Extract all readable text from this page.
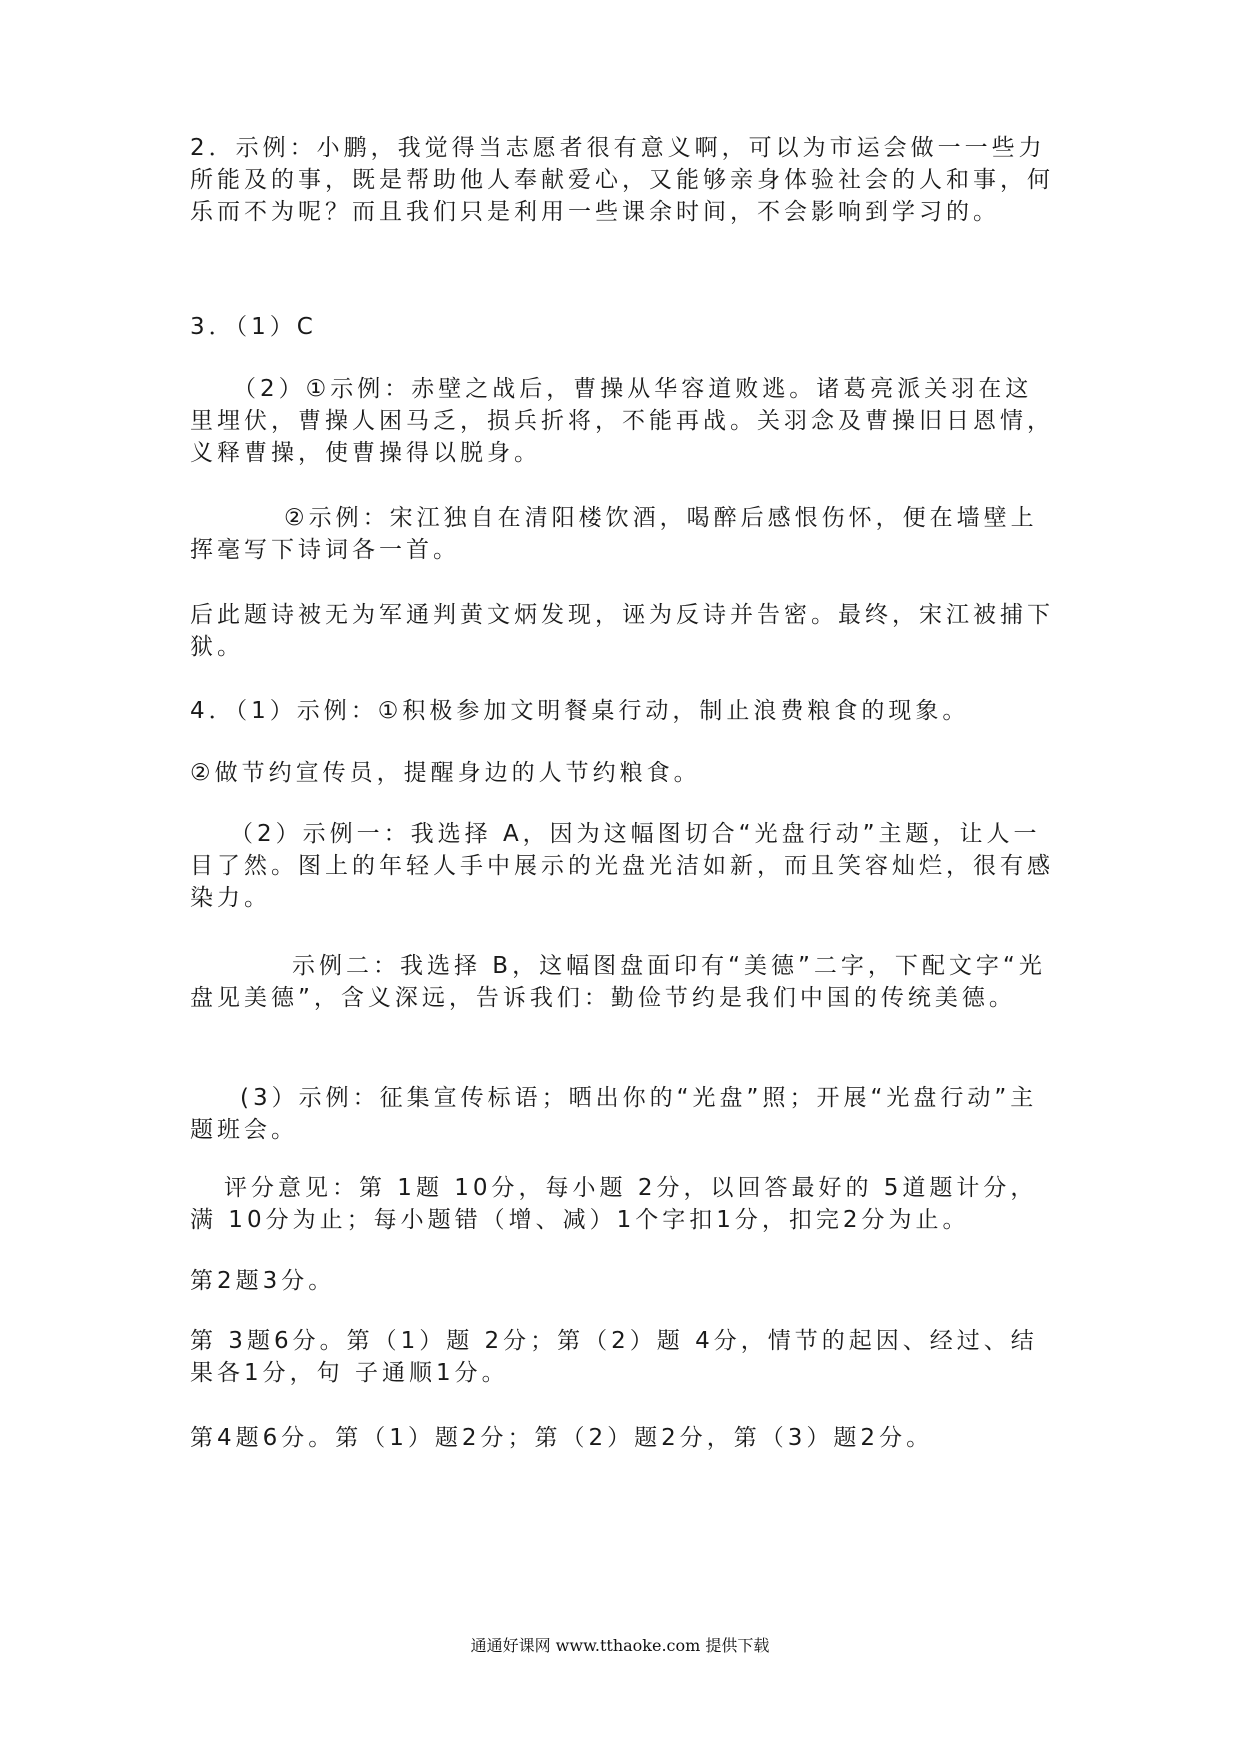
2．示例：小鹏，我觉得当志愿者很有意义啊，可以为市运会做一一些力所能及的事，既是帮助他人奉献爱心，又能够亲身体验社会的人和事，何乐而不为呢？而且我们只是利用一些课余时间，不会影响到学习的。

3．（1）C

（2）①示例：赤壁之战后，曹操从华容道败逃。诸葛亮派关羽在这里埋伏，曹操人困马乏，损兵折将，不能再战。关羽念及曹操旧日恩情，义释曹操，使曹操得以脱身。

②示例：宋江独自在清阳楼饮酒，喝醉后感恨伤怀，便在墙壁上挥毫写下诗词各一首。

后此题诗被无为军通判黄文炳发现，诬为反诗并告密。最终，宋江被捕下狱。

4．（1）示例：①积极参加文明餐桌行动，制止浪费粮食的现象。

②做节约宣传员，提醒身边的人节约粮食。

（2）示例一：我选择 A，因为这幅图切合“光盘行动”主题，让人一目了然。图上的年轻人手中展示的光盘光洁如新，而且笑容灿烂，很有感染力。

示例二：我选择 B，这幅图盘面印有“美德”二字，下配文字“光盘见美德”，含义深远，告诉我们：勤俭节约是我们中国的传统美德。

(3）示例：征集宣传标语；晒出你的“光盘”照；开展“光盘行动”主题班会。

评分意见：第 1题 10分，每小题 2分，以回答最好的 5道题计分，满 10分为止；每小题错（增、减）1个字扣1分，扣完2分为止。

第2题3分。

第 3题6分。第（1）题 2分；第（2）题 4分，情节的起因、经过、结果各1分，句 子通顺1分。

第4题6分。第（1）题2分；第（2）题2分，第（3）题2分。

通通好课网 www.tthaoke.com 提供下载
